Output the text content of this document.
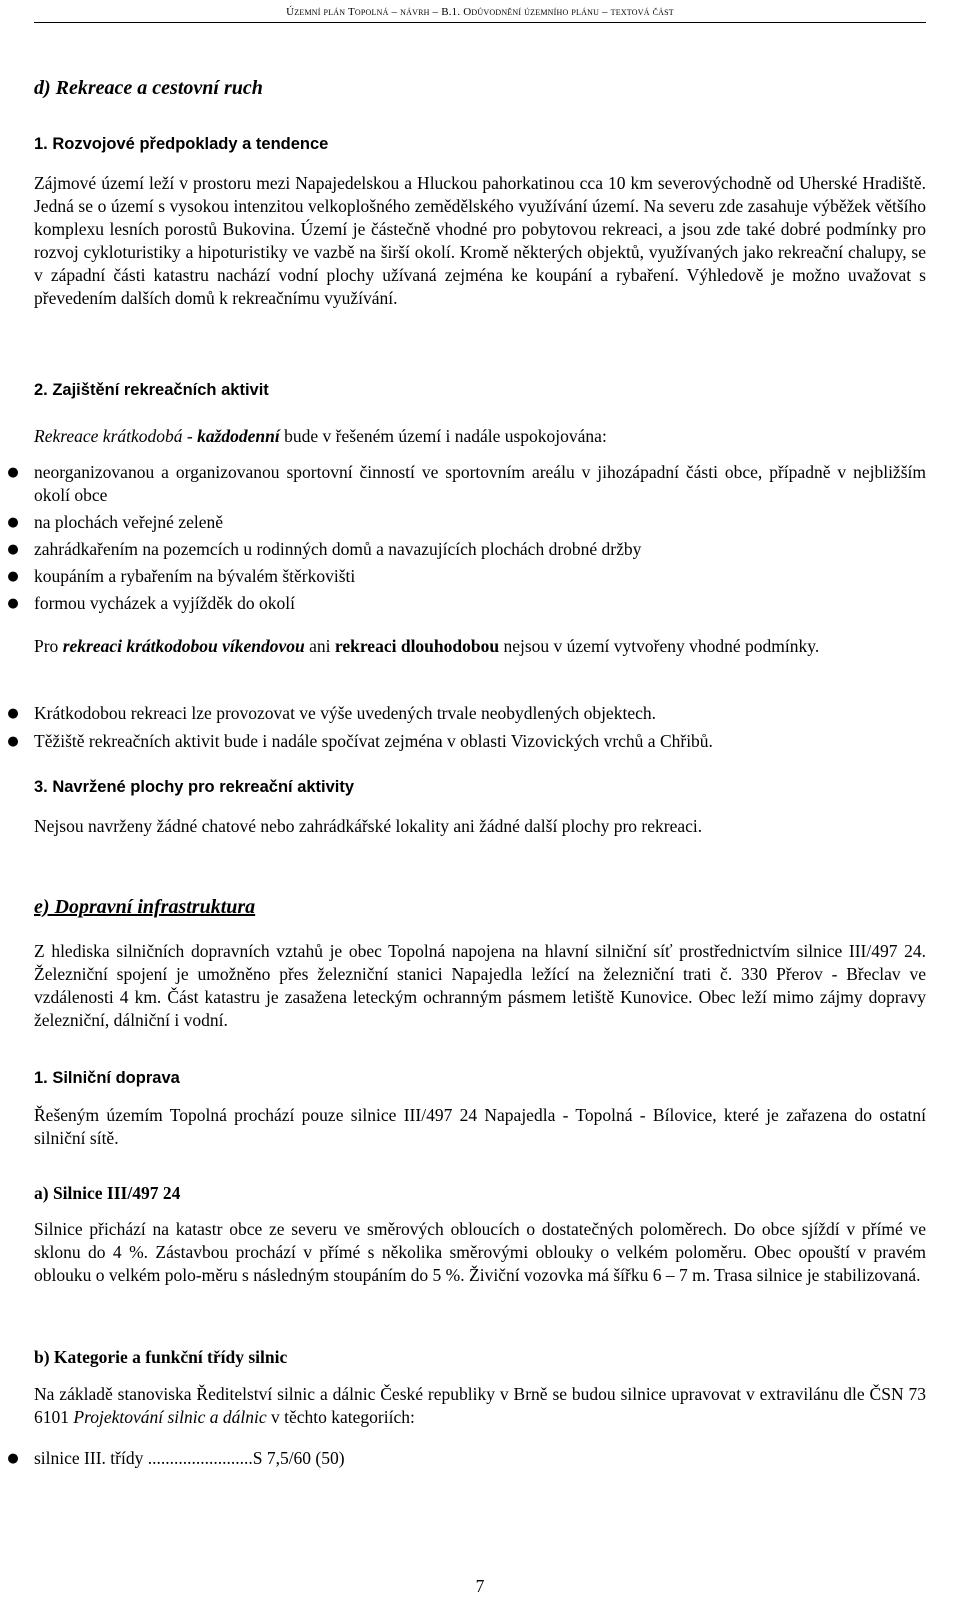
Územní plán Topolná – návrh – B.1. Odůvodnění územního plánu – textová část
d) Rekreace a cestovní ruch
1. Rozvojové předpoklady a tendence
Zájmové území leží v prostoru mezi Napajedelskou a Hluckou pahorkatinou cca 10 km severovýchodně od Uherské Hradiště. Jedná se o území s vysokou intenzitou velkoplošného zemědělského využívání území. Na severu zde zasahuje výběžek většího komplexu lesních porostů Bukovina. Území je částečně vhodné pro pobytovou rekreaci, a jsou zde také dobré podmínky pro rozvoj cykloturistiky a hipoturistiky ve vazbě na širší okolí. Kromě některých objektů, využívaných jako rekreační chalupy, se v západní části katastru nachází vodní plochy užívaná zejména ke koupání a rybaření. Výhledově je možno uvažovat s převedením dalších domů k rekreačnímu využívání.
2. Zajištění rekreačních aktivit
Rekreace krátkodobá - každodenní bude v řešeném území i nadále uspokojována:
● neorganizovanou a organizovanou sportovní činností ve sportovním areálu v jihozápadní části obce, případně v nejbližším okolí obce
● na plochách veřejné zeleně
● zahrádkařením na pozemcích u rodinných domů a navazujících plochách drobné držby
● koupáním a rybařením na bývalém štěrkovišti
● formou vycházek a vyjížděk do okolí
Pro rekreaci krátkodobou víkendovou ani rekreaci dlouhodobou nejsou v území vytvořeny vhodné podmínky.
● Krátkodobou rekreaci lze provozovat ve výše uvedených trvale neobydlených objektech.
● Těžiště rekreačních aktivit bude i nadále spočívat zejména v oblasti Vizovických vrchů a Chřibů.
3. Navržené plochy pro rekreační aktivity
Nejsou navrženy žádné chatové nebo zahrádkářské lokality ani žádné další plochy pro rekreaci.
e) Dopravní infrastruktura
Z hlediska silničních dopravních vztahů je obec Topolná napojena na hlavní silniční síť prostřednictvím silnice III/497 24. Železniční spojení je umožněno přes železniční stanici Napajedla ležící na železniční trati č. 330 Přerov - Břeclav ve vzdálenosti 4 km. Část katastru je zasažena leteckým ochranným pásmem letiště Kunovice. Obec leží mimo zájmy dopravy železniční, dálniční i vodní.
1. Silniční doprava
Řešeným územím Topolná prochází pouze silnice III/497 24 Napajedla - Topolná - Bílovice, které je zařazena do ostatní silniční sítě.
a) Silnice III/497 24
Silnice přichází na katastr obce ze severu ve směrových obloucích o dostatečných poloměrech. Do obce sjíždí v přímé ve sklonu do 4 %. Zástavbou prochází v přímé s několika směrovými oblouky o velkém poloměru. Obec opouští v pravém oblouku o velkém polo-měru s následným stoupáním do 5 %. Živiční vozovka má šířku 6 – 7 m. Trasa silnice je stabilizovaná.
b) Kategorie a funkční třídy silnic
Na základě stanoviska Ředitelství silnic a dálnic České republiky v Brně se budou silnice upravovat v extravilánu dle ČSN 73 6101 Projektování silnic a dálnic v těchto kategoriích:
● silnice III. třídy ........................S 7,5/60 (50)
7
